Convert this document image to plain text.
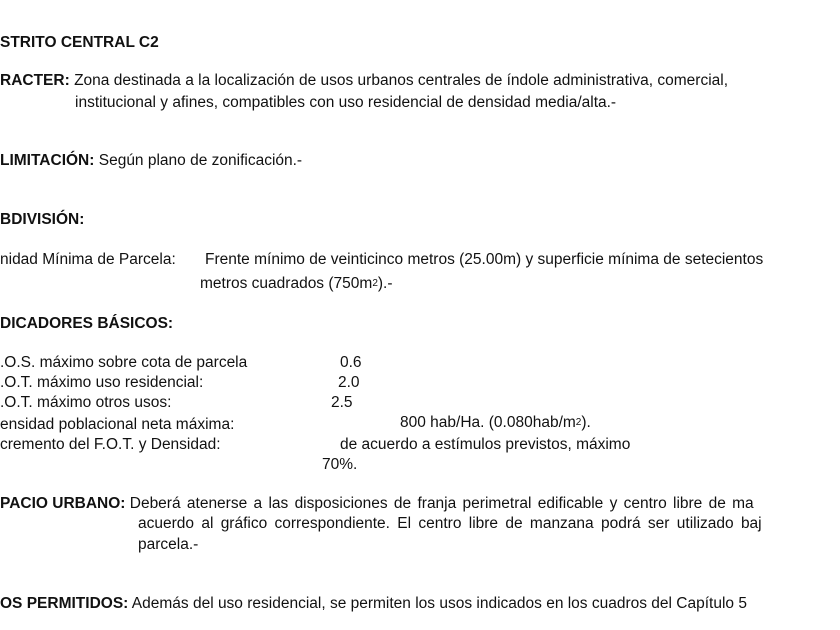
STRITO CENTRAL C2
RACTER: Zona destinada a la localización de usos urbanos centrales de índole administrativa, comercial,
institucional y afines, compatibles con uso residencial de densidad media/alta.-
LIMITACIÓN: Según plano de zonificación.-
BDIVISIÓN:
nidad Mínima de Parcela: Frente mínimo de veinticinco metros (25.00m) y superficie mínima de setecientos
metros cuadrados $(750m^2).-$
DICADORES BÁSICOS:
.O.S. máximo sobre cota de parcela	0.6
.O.T. máximo uso residencial:	2.0
.O.T. máximo otros usos:	2.5
ensidad poblacional neta máxima:	800 hab/Ha. $(0.080hab/m^2)$.
cremento del F.O.T. y Densidad:	de acuerdo a estímulos previstos, máximo
70%.
PACIO URBANO: Deberá atenerse a las disposiciones de franja perimetral edificable y centro libre de ma
acuerdo al gráfico correspondiente. El centro libre de manzana podrá ser utilizado baj
parcela.-
OS PERMITIDOS: Además del uso residencial, se permiten los usos indicados en los cuadros del Capítulo 5
